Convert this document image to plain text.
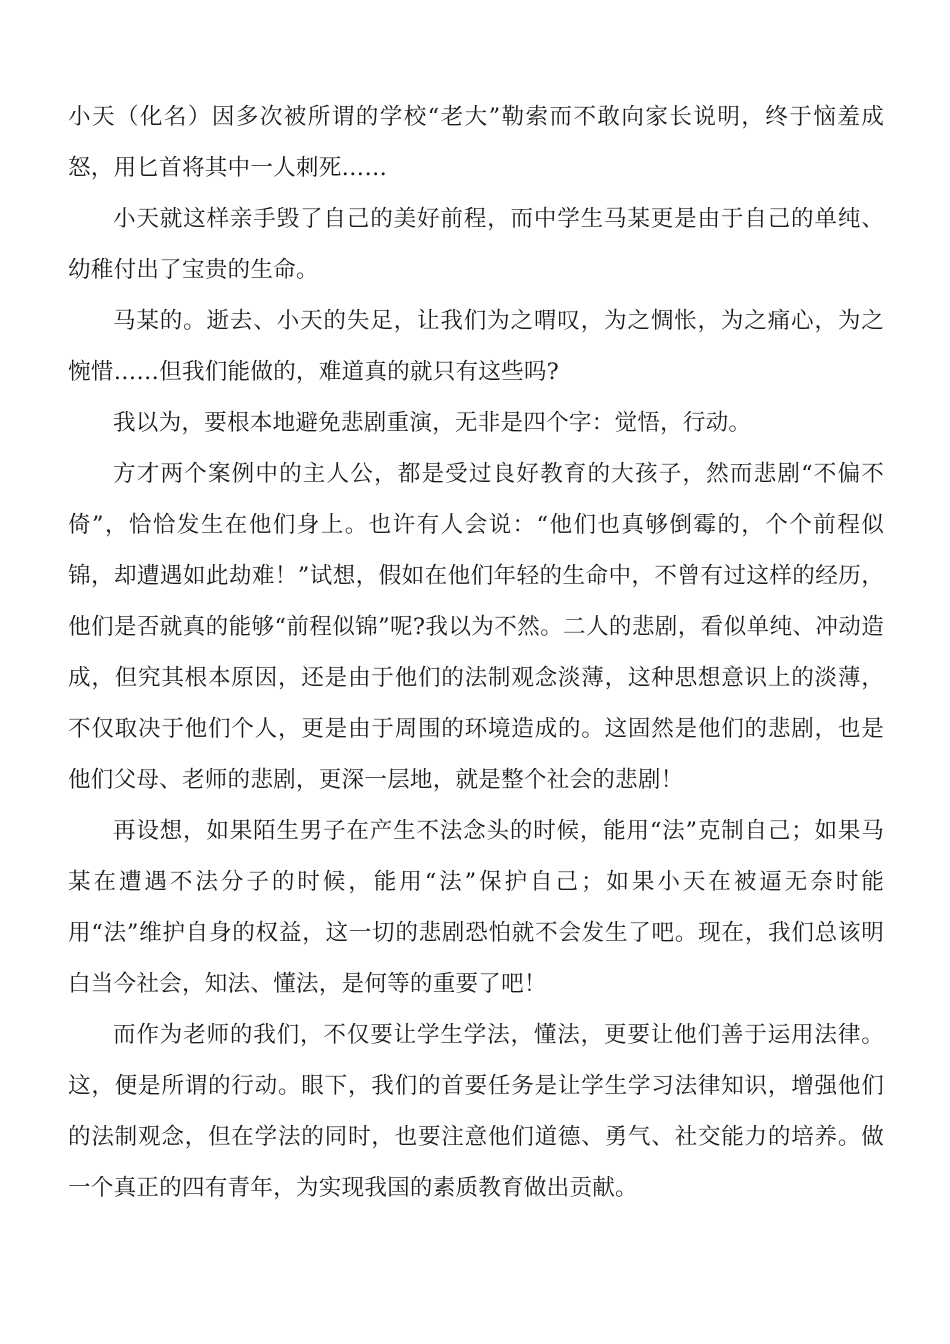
小天（化名）因多次被所谓的学校“老大”勒索而不敢向家长说明，终于恼羞成怒，用匕首将其中一人刺死……

小天就这样亲手毁了自己的美好前程，而中学生马某更是由于自己的单纯、幼稚付出了宝贵的生命。

马某的。逝去、小天的失足，让我们为之喟叹，为之惆怅，为之痛心，为之惋惜……但我们能做的，难道真的就只有这些吗?

我以为，要根本地避免悲剧重演，无非是四个字：觉悟，行动。

方才两个案例中的主人公，都是受过良好教育的大孩子，然而悲剧“不偏不倚”，恰恰发生在他们身上。也许有人会说：“他们也真够倒霉的，个个前程似锦，却遭遇如此劫难！”试想，假如在他们年轻的生命中，不曾有过这样的经历，他们是否就真的能够“前程似锦”呢?我以为不然。二人的悲剧，看似单纯、冲动造成，但究其根本原因，还是由于他们的法制观念淡薄，这种思想意识上的淡薄，不仅取决于他们个人，更是由于周围的环境造成的。这固然是他们的悲剧，也是他们父母、老师的悲剧，更深一层地，就是整个社会的悲剧！

再设想，如果陌生男子在产生不法念头的时候，能用“法”克制自己；如果马某在遭遇不法分子的时候，能用“法”保护自己；如果小天在被逼无奈时能用“法”维护自身的权益，这一切的悲剧恐怕就不会发生了吧。现在，我们总该明白当今社会，知法、懂法，是何等的重要了吧！

而作为老师的我们，不仅要让学生学法，懂法，更要让他们善于运用法律。这，便是所谓的行动。眼下，我们的首要任务是让学生学习法律知识，增强他们的法制观念，但在学法的同时，也要注意他们道德、勇气、社交能力的培养。做一个真正的四有青年，为实现我国的素质教育做出贡献。
